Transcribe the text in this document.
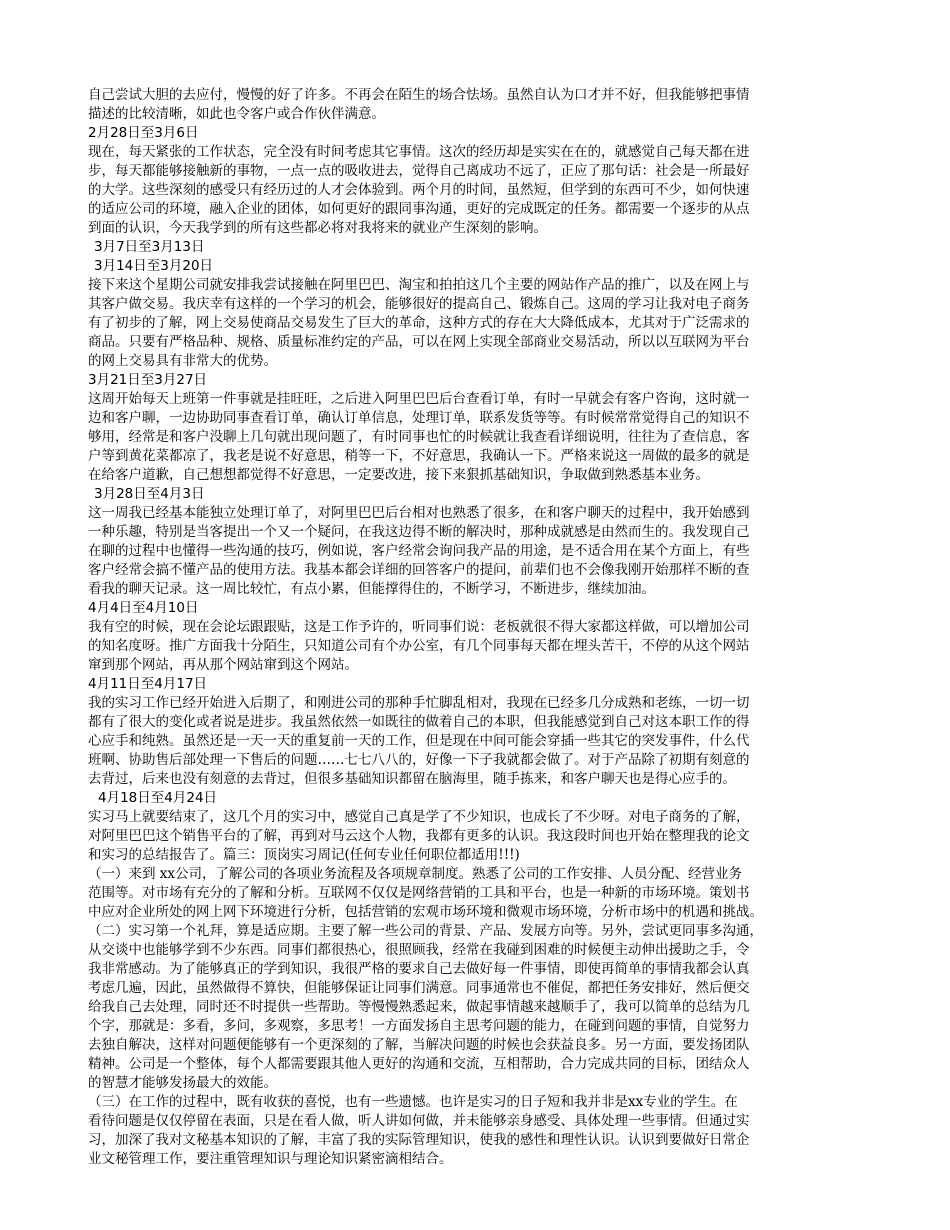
自己尝试大胆的去应付，慢慢的好了许多。不再会在陌生的场合怯场。虽然自认为口才并不好，但我能够把事情
描述的比较清晰，如此也令客户或合作伙伴满意。
2月28日至3月6日
现在，每天紧张的工作状态，完全没有时间考虑其它事情。这次的经历却是实实在在的，就感觉自己每天都在进
步，每天都能够接触新的事物，一点一点的吸收进去，觉得自己离成功不远了，正应了那句话：社会是一所最好
的大学。这些深刻的感受只有经历过的人才会体验到。两个月的时间，虽然短，但学到的东西可不少，如何快速
的适应公司的环境，融入企业的团体，如何更好的跟同事沟通，更好的完成既定的任务。都需要一个逐步的从点
到面的认识，今天我学到的所有这些都必将对我将来的就业产生深刻的影响。
3月7日至3月13日
3月14日至3月20日
接下来这个星期公司就安排我尝试接触在阿里巴巴、淘宝和拍拍这几个主要的网站作产品的推广，以及在网上与
其客户做交易。我庆幸有这样的一个学习的机会，能够很好的提高自己、锻炼自己。这周的学习让我对电子商务
有了初步的了解，网上交易使商品交易发生了巨大的革命，这种方式的存在大大降低成本，尤其对于广泛需求的
商品。只要有严格品种、规格、质量标准约定的产品，可以在网上实现全部商业交易活动，所以以互联网为平台
的网上交易具有非常大的优势。
3月21日至3月27日
这周开始每天上班第一件事就是挂旺旺，之后进入阿里巴巴后台查看订单，有时一早就会有客户咨询，这时就一
边和客户聊，一边协助同事查看订单，确认订单信息，处理订单，联系发货等等。有时候常常觉得自己的知识不
够用，经常是和客户没聊上几句就出现问题了，有时同事也忙的时候就让我查看详细说明，往往为了查信息，客
户等到黄花菜都凉了，我老是说不好意思，稍等一下，不好意思，我确认一下。严格来说这一周做的最多的就是
在给客户道歉，自己想想都觉得不好意思，一定要改进，接下来狠抓基础知识，争取做到熟悉基本业务。
3月28日至4月3日
这一周我已经基本能独立处理订单了，对阿里巴巴后台相对也熟悉了很多，在和客户聊天的过程中，我开始感到
一种乐趣，特别是当客提出一个又一个疑问，在我这边得不断的解决时，那种成就感是由然而生的。我发现自己
在聊的过程中也懂得一些沟通的技巧，例如说，客户经常会询问我产品的用途，是不适合用在某个方面上，有些
客户经常会搞不懂产品的使用方法。我基本都会详细的回答客户的提问，前辈们也不会像我刚开始那样不断的查
看我的聊天记录。这一周比较忙，有点小累，但能撑得住的，不断学习，不断进步，继续加油。
4月4日至4月10日
我有空的时候，现在会论坛跟跟贴，这是工作予许的，听同事们说：老板就很不得大家都这样做，可以增加公司
的知名度呀。推广方面我十分陌生，只知道公司有个办公室，有几个同事每天都在埋头苦干，不停的从这个网站
窜到那个网站，再从那个网站窜到这个网站。
4月11日至4月17日
我的实习工作已经开始进入后期了，和刚进公司的那种手忙脚乱相对，我现在已经多几分成熟和老练，一切一切
都有了很大的变化或者说是进步。我虽然依然一如既往的做着自己的本职，但我能感觉到自己对这本职工作的得
心应手和纯熟。虽然还是一天一天的重复前一天的工作，但是现在中间可能会穿插一些其它的突发事件，什么代
班啊、协助售后部处理一下售后的问题……七七八八的，好像一下子我就都会做了。对于产品除了初期有刻意的
去背过，后来也没有刻意的去背过，但很多基础知识都留在脑海里，随手拣来，和客户聊天也是得心应手的。
4月18日至4月24日
实习马上就要结束了，这几个月的实习中，感觉自己真是学了不少知识，也成长了不少呀。对电子商务的了解，
对阿里巴巴这个销售平台的了解，再到对马云这个人物，我都有更多的认识。我这段时间也开始在整理我的论文
和实习的总结报告了。篇三：顶岗实习周记(任何专业任何职位都适用!!!)
（一）来到 xx公司，了解公司的各项业务流程及各项规章制度。熟悉了公司的工作安排、人员分配、经营业务
范围等。对市场有充分的了解和分析。互联网不仅仅是网络营销的工具和平台，也是一种新的市场环境。策划书
中应对企业所处的网上网下环境进行分析，包括营销的宏观市场环境和微观市场环境，分析市场中的机遇和挑战。
（二）实习第一个礼拜，算是适应期。主要了解一些公司的背景、产品、发展方向等。另外，尝试更同事多沟通，
从交谈中也能够学到不少东西。同事们都很热心，很照顾我，经常在我碰到困难的时候便主动伸出援助之手，令
我非常感动。为了能够真正的学到知识，我很严格的要求自己去做好每一件事情，即使再简单的事情我都会认真
考虑几遍，因此，虽然做得不算快，但能够保证让同事们满意。同事通常也不催促，都把任务安排好，然后便交
给我自己去处理，同时还不时提供一些帮助。等慢慢熟悉起来，做起事情越来越顺手了，我可以简单的总结为几
个字，那就是：多看，多问，多观察，多思考！一方面发扬自主思考问题的能力，在碰到问题的事情，自觉努力
去独自解决，这样对问题便能够有一个更深刻的了解，当解决问题的时候也会获益良多。另一方面，要发扬团队
精神。公司是一个整体，每个人都需要跟其他人更好的沟通和交流，互相帮助，合力完成共同的目标，团结众人
的智慧才能够发扬最大的效能。
（三）在工作的过程中，既有收获的喜悦，也有一些遗憾。也许是实习的日子短和我并非是xx专业的学生。在
看待问题是仅仅停留在表面，只是在看人做，听人讲如何做，并未能够亲身感受、具体处理一些事情。但通过实
习，加深了我对文秘基本知识的了解，丰富了我的实际管理知识，使我的感性和理性认识。认识到要做好日常企
业文秘管理工作，要注重管理知识与理论知识紧密滴相结合。
